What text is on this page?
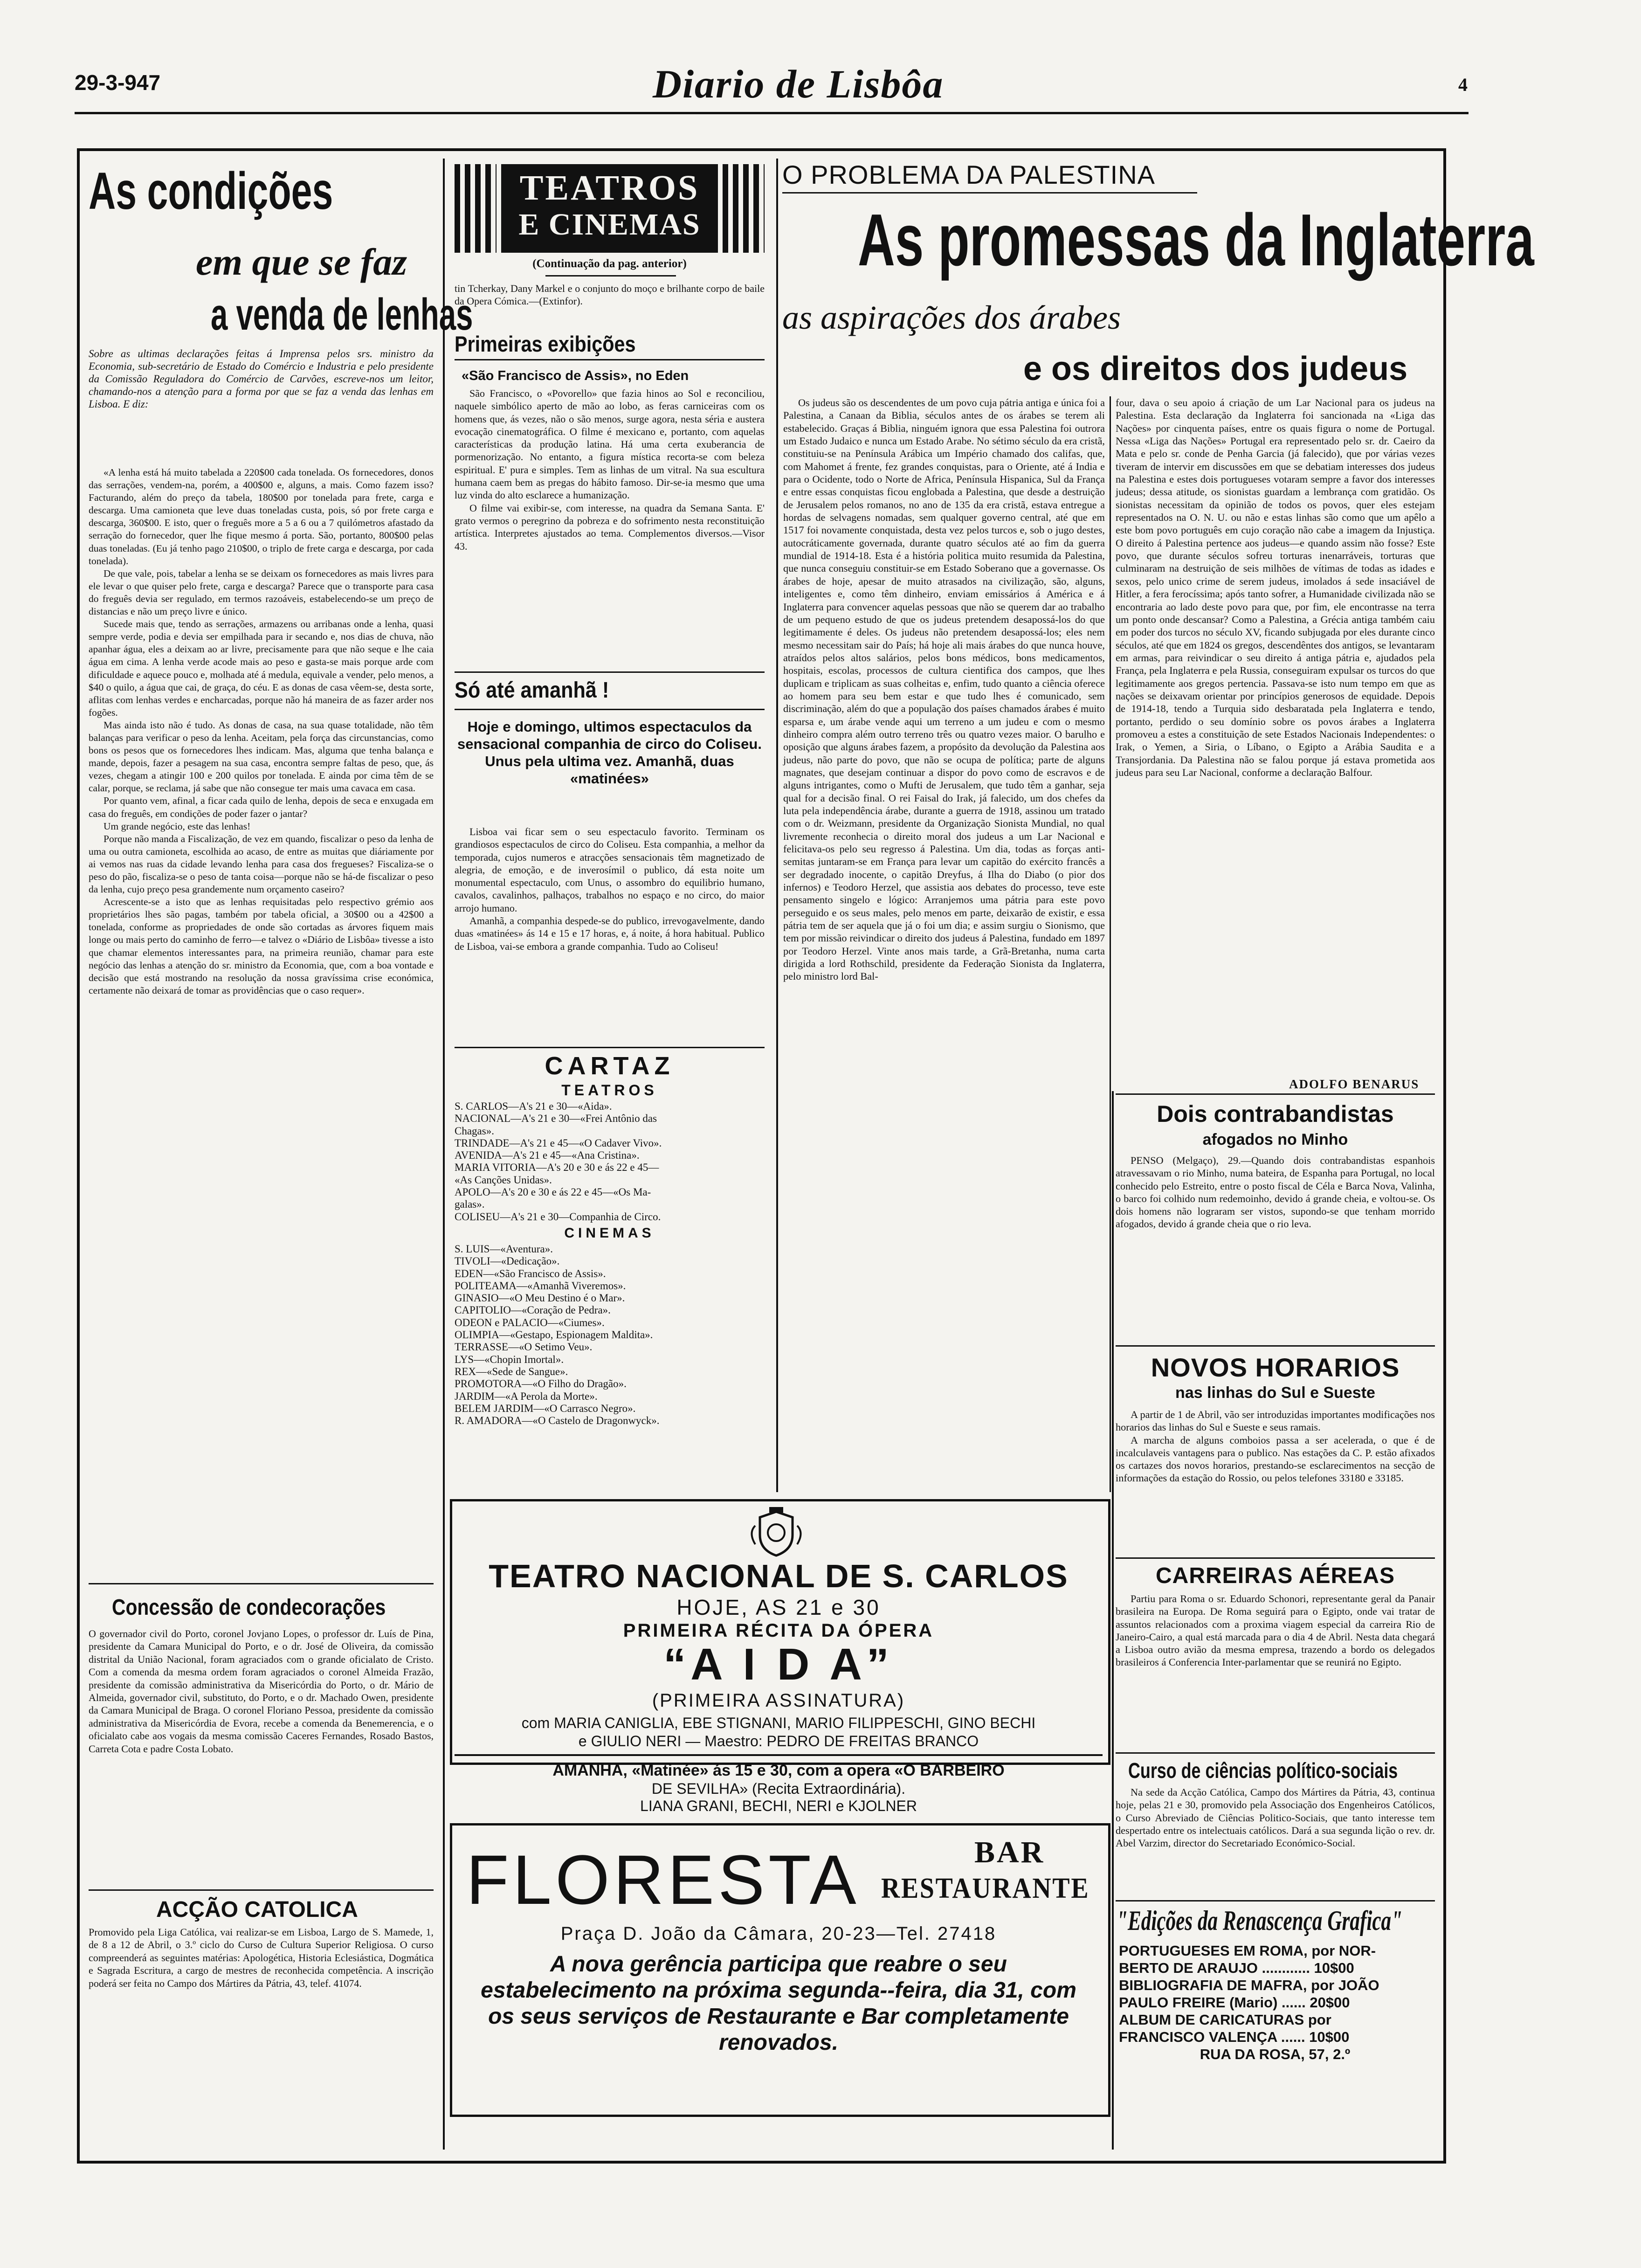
29-3-947	Diario de Lisbôa	4
As condições
em que se faz
a venda de lenhas
Sobre as ultimas declarações feitas á Imprensa pelos srs. ministro da Economia, sub-secretário de Estado do Comércio e Industria e pelo presidente da Comissão Reguladora do Comércio de Carvões, escreve-nos um leitor, chamando-nos a atenção para a forma por que se faz a venda das lenhas em Lisboa. E diz:

«A lenha está há muito tabelada a 220$00 cada tonelada. Os fornecedores, donos das serrações, vendem-na, porém, a 400$00 e, alguns, a mais. Como fazem isso? Facturando, além do preço da tabela, 180$00 por tonelada para frete, carga e descarga. Uma camioneta que leve duas toneladas custa, pois, só por frete carga e descarga, 360$00. E isto, quer o freguês more a 5 a 6 ou a 7 quilómetros afastado da serração do fornecedor, quer lhe fique mesmo á porta. São, portanto, 800$00 pelas duas toneladas. (Eu já tenho pago 210$00, o triplo de frete carga e descarga, por cada tonelada).

De que vale, pois, tabelar a lenha se se deixam os fornecedores as mais livres para ele levar o que quiser pelo frete, carga e descarga? Parece que o transporte para casa do freguês devia ser regulado, em termos razoáveis, estabelecendo-se um preço de distancias e não um preço livre e único.

Sucede mais que, tendo as serrações, armazens ou arribanas onde a lenha, quasi sempre verde, podia e devia ser empilhada para ir secando e, nos dias de chuva, não apanhar água, eles a deixam ao ar livre, precisamente para que não seque e lhe caia água em cima. A lenha verde acode mais ao peso e gasta-se mais porque arde com dificuldade e aquece pouco e, molhada até á medula, equivale a vender, pelo menos, a $40 o quilo, a água que cai, de graça, do céu. E as donas de casa vêem-se, desta sorte, aflitas com lenhas verdes e encharcadas, porque não há maneira de as fazer arder nos fogões.

Mas ainda isto não é tudo. As donas de casa, na sua quase totalidade, não têm balanças para verificar o peso da lenha. Aceitam, pela força das circunstancias, como bons os pesos que os fornecedores lhes indicam. Mas, alguma que tenha balança e mande, depois, fazer a pesagem na sua casa, encontra sempre faltas de peso, que, ás vezes, chegam a atingir 100 e 200 quilos por tonelada. E ainda por cima têm de se calar, porque, se reclama, já sabe que não consegue ter mais uma cavaca em casa.

Por quanto vem, afinal, a ficar cada quilo de lenha, depois de seca e enxugada em casa do freguês, em condições de poder fazer o jantar?

Um grande negócio, este das lenhas!

Porque não manda a Fiscalização, de vez em quando, fiscalizar o peso da lenha de uma ou outra camioneta, escolhida ao acaso, de entre as muitas que diáriamente por ai vemos nas ruas da cidade levando lenha para casa dos fregueses? Fiscaliza-se o peso do pão, fiscaliza-se o peso de tanta coisa—porque não se há-de fiscalizar o peso da lenha, cujo preço pesa grandemente num orçamento caseiro?

Acrescente-se a isto que as lenhas requisitadas pelo respectivo grémio aos proprietários lhes são pagas, também por tabela oficial, a 30$00 ou a 42$00 a tonelada, conforme as propriedades de onde são cortadas as árvores fiquem mais longe ou mais perto do caminho de ferro—e talvez o «Diário de Lisbôa» tivesse a isto que chamar elementos interessantes para, na primeira reunião, chamar para este negócio das lenhas a atenção do sr. ministro da Economia, que, com a boa vontade e decisão que está mostrando na resolução da nossa gravíssima crise económica, certamente não deixará de tomar as providências que o caso requer».

Concessão de condecorações
O governador civil do Porto, coronel Jovjano Lopes, o professor dr. Luís de Pina, presidente da Camara Municipal do Porto, e o dr. José de Oliveira, da comissão distrital da União Nacional, foram agraciados com o grande oficialato de Cristo. Com a comenda da mesma ordem foram agraciados o coronel Almeida Frazão, presidente da comissão administrativa da Misericórdia do Porto, o dr. Mário de Almeida, governador civil, substituto, do Porto, e o dr. Machado Owen, presidente da Camara Municipal de Braga. O coronel Floriano Pessoa, presidente da comissão administrativa da Misericórdia de Evora, recebe a comenda da Benemerencia, e o oficialato cabe aos vogais da mesma comissão Caceres Fernandes, Rosado Bastos, Carreta Cota e padre Costa Lobato.
ACÇÃO CATOLICA
Promovido pela Liga Católica, vai realizar-se em Lisboa, Largo de S. Mamede, 1, de 8 a 12 de Abril, o 3.º ciclo do Curso de Cultura Superior Religiosa. O curso compreenderá as seguintes matérias: Apologética, Historia Eclesiástica, Dogmática e Sagrada Escritura, a cargo de mestres de reconhecida competência. A inscrição poderá ser feita no Campo dos Mártires da Pátria, 43, telef. 41074.
TEATROS
E CINEMAS
(Continuação da pag. anterior)
tin Tcherkay, Dany Markel e o conjunto do moço e brilhante corpo de baile da Opera Cómica.—(Extinfor).
Primeiras exibições
«São Francisco de Assis», no Eden

São Francisco, o «Povorello» que fazia hinos ao Sol e reconciliou, naquele simbólico aperto de mão ao lobo, as feras carniceiras com os homens que, ás vezes, não o são menos, surge agora, nesta séria e austera evocação cinematográfica. O filme é mexicano e, portanto, com aquelas características da produção latina. Há uma certa exuberancia de pormenorização. No entanto, a figura mística recorta-se com beleza espiritual. E' pura e simples. Tem as linhas de um vitral. Na sua escultura humana caem bem as pregas do hábito famoso. Dir-se-ia mesmo que uma luz vinda do alto esclarece a humanização.

O filme vai exibir-se, com interesse, na quadra da Semana Santa. E' grato vermos o peregrino da pobreza e do sofrimento nesta reconstituição artística. Interpretes ajustados ao tema. Complementos diversos.—Visor 43.

Só até amanhã !
Hoje e domingo, ultimos espectaculos da sensacional companhia de circo do Coliseu. Unus pela ultima vez. Amanhã, duas «matinées»

Lisboa vai ficar sem o seu espectaculo favorito. Terminam os grandiosos espectaculos de circo do Coliseu. Esta companhia, a melhor da temporada, cujos numeros e atracções sensacionais têm magnetizado de alegria, de emoção, e de inverosímil o publico, dá esta noite um monumental espectaculo, com Unus, o assombro do equilibrio humano, cavalos, cavalinhos, palhaços, trabalhos no espaço e no circo, do maior arrojo humano.

Amanhã, a companhia despede-se do publico, irrevogavelmente, dando duas «matinées» ás 14 e 15 e 17 horas, e, á noite, á hora habitual. Publico de Lisboa, vai-se embora a grande companhia. Tudo ao Coliseu!

CARTAZ
TEATROS
S. CARLOS—A's 21 e 30—«Aida».
NACIONAL—A's 21 e 30—«Frei Antônio das
Chagas».
TRINDADE—A's 21 e 45—«O Cadaver Vivo».
AVENIDA—A's 21 e 45—«Ana Cristina».
MARIA VITORIA—A's 20 e 30 e ás 22 e 45—
«As Canções Unidas».
APOLO—A's 20 e 30 e ás 22 e 45—«Os Ma-
galas».
COLISEU—A's 21 e 30—Companhia de Circo.
CINEMAS
S. LUIS—«Aventura».
TIVOLI—«Dedicação».
EDEN—«São Francisco de Assis».
POLITEAMA—«Amanhã Viveremos».
GINASIO—«O Meu Destino é o Mar».
CAPITOLIO—«Coração de Pedra».
ODEON e PALACIO—«Ciumes».
OLIMPIA—«Gestapo, Espionagem Maldita».
TERRASSE—«O Setimo Veu».
LYS—«Chopin Imortal».
REX—«Sede de Sangue».
PROMOTORA—«O Filho do Dragão».
JARDIM—«A Perola da Morte».
BELEM JARDIM—«O Carrasco Negro».
R. AMADORA—«O Castelo de Dragonwyck».
O PROBLEMA DA PALESTINA
As promessas da Inglaterra
as aspirações dos árabes
e os direitos dos judeus
Os judeus são os descendentes de um povo cuja pátria antiga e única foi a Palestina, a Canaan da Biblia, séculos antes de os árabes se terem ali estabelecido. Graças á Biblia, ninguém ignora que essa Palestina foi outrora um Estado Judaico e nunca um Estado Arabe. No sétimo século da era cristã, constituiu-se na Península Arábica um Império chamado dos califas, que, com Mahomet á frente, fez grandes conquistas, para o Oriente, até á India e para o Ocidente, todo o Norte de Africa, Península Hispanica, Sul da França e entre essas conquistas ficou englobada a Palestina, que desde a destruição de Jerusalem pelos romanos, no ano de 135 da era cristã, estava entregue a hordas de selvagens nomadas, sem qualquer governo central, até que em 1517 foi novamente conquistada, desta vez pelos turcos e, sob o jugo destes, autocráticamente governada, durante quatro séculos até ao fim da guerra mundial de 1914-18. Esta é a história politica muito resumida da Palestina, que nunca conseguiu constituir-se em Estado Soberano que a governasse. Os árabes de hoje, apesar de muito atrasados na civilização, são, alguns, inteligentes e, como têm dinheiro, enviam emissários á América e á Inglaterra para convencer aquelas pessoas que não se querem dar ao trabalho de um pequeno estudo de que os judeus pretendem desapossá-los do que legitimamente é deles. Os judeus não pretendem desapossá-los; eles nem mesmo necessitam sair do País; há hoje ali mais árabes do que nunca houve, atraídos pelos altos salários, pelos bons médicos, bons medicamentos, hospitais, escolas, processos de cultura cientifica dos campos, que lhes duplicam e triplicam as suas colheitas e, enfim, tudo quanto a ciência oferece ao homem para seu bem estar e que tudo lhes é comunicado, sem discriminação, além do que a população dos países chamados árabes é muito esparsa e, um árabe vende aqui um terreno a um judeu e com o mesmo dinheiro compra além outro terreno três ou quatro vezes maior. O barulho e oposição que alguns árabes fazem, a propósito da devolução da Palestina aos judeus, não parte do povo, que não se ocupa de política; parte de alguns magnates, que desejam continuar a dispor do povo como de escravos e de alguns intrigantes, como o Mufti de Jerusalem, que tudo têm a ganhar, seja qual for a decisão final. O rei Faisal do Irak, já falecido, um dos chefes da luta pela independência árabe, durante a guerra de 1918, assinou um tratado com o dr. Weizmann, presidente da Organização Sionista Mundial, no qual livremente reconhecia o direito moral dos judeus a um Lar Nacional e felicitava-os pelo seu regresso á Palestina. Um dia, todas as forças anti-semitas juntaram-se em França para levar um capitão do exército francês a ser degradado inocente, o capitão Dreyfus, á Ilha do Diabo (o pior dos infernos) e Teodoro Herzel, que assistia aos debates do processo, teve este pensamento singelo e lógico: Arranjemos uma pátria para este povo perseguido e os seus males, pelo menos em parte, deixarão de existir, e essa pátria tem de ser aquela que já o foi um dia; e assim surgiu o Sionismo, que tem por missão reivindicar o direito dos judeus á Palestina, fundado em 1897 por Teodoro Herzel. Vinte anos mais tarde, a Grã-Bretanha, numa carta dirigida a lord Rothschild, presidente da Federação Sionista da Inglaterra, pelo ministro lord Bal-
four, dava o seu apoio á criação de um Lar Nacional para os judeus na Palestina. Esta declaração da Inglaterra foi sancionada na «Liga das Nações» por cinquenta países, entre os quais figura o nome de Portugal. Nessa «Liga das Nações» Portugal era representado pelo sr. dr. Caeiro da Mata e pelo sr. conde de Penha Garcia (já falecido), que por várias vezes tiveram de intervir em discussões em que se debatiam interesses dos judeus na Palestina e estes dois portugueses votaram sempre a favor dos interesses judeus; dessa atitude, os sionistas guardam a lembrança com gratidão. Os sionistas necessitam da opinião de todos os povos, quer eles estejam representados na O. N. U. ou não e estas linhas são como que um apêlo a este bom povo português em cujo coração não cabe a imagem da Injustiça. O direito á Palestina pertence aos judeus—e quando assim não fosse? Este povo, que durante séculos sofreu torturas inenarráveis, torturas que culminaram na destruição de seis milhões de vítimas de todas as idades e sexos, pelo unico crime de serem judeus, imolados á sede insaciável de Hitler, a fera ferocíssima; após tanto sofrer, a Humanidade civilizada não se encontraria ao lado deste povo para que, por fim, ele encontrasse na terra um ponto onde descansar? Como a Palestina, a Grécia antiga também caiu em poder dos turcos no século XV, ficando subjugada por eles durante cinco séculos, até que em 1824 os gregos, descendêntes dos antigos, se levantaram em armas, para reivindicar o seu direito á antiga pátria e, ajudados pela França, pela Inglaterra e pela Russia, conseguiram expulsar os turcos do que legitimamente aos gregos pertencia. Passava-se isto num tempo em que as nações se deixavam orientar por princípios generosos de equidade. Depois de 1914-18, tendo a Turquia sido desbaratada pela Inglaterra e tendo, portanto, perdido o seu domínio sobre os povos árabes a Inglaterra promoveu a estes a constituição de sete Estados Nacionais Independentes: o Irak, o Yemen, a Siria, o Líbano, o Egipto a Arábia Saudita e a Transjordania. Da Palestina não se falou porque já estava prometida aos judeus para seu Lar Nacional, conforme a declaração Balfour.
ADOLFO BENARUS
Dois contrabandistas
afogados no Minho
PENSO (Melgaço), 29.—Quando dois contrabandistas espanhois atravessavam o rio Minho, numa bateira, de Espanha para Portugal, no local conhecido pelo Estreito, entre o posto fiscal de Céla e Barca Nova, Valinha, o barco foi colhido num redemoinho, devido á grande cheia, e voltou-se. Os dois homens não lograram ser vistos, supondo-se que tenham morrido afogados, devido á grande cheia que o rio leva.
NOVOS HORARIOS
nas linhas do Sul e Sueste

A partir de 1 de Abril, vão ser introduzidas importantes modificações nos horarios das linhas do Sul e Sueste e seus ramais.

A marcha de alguns comboios passa a ser acelerada, o que é de incalculaveis vantagens para o publico. Nas estações da C. P. estão afixados os cartazes dos novos horarios, prestando-se esclarecimentos na secção de informações da estação do Rossio, ou pelos telefones 33180 e 33185.

CARREIRAS AÉREAS
Partiu para Roma o sr. Eduardo Schonori, representante geral da Panair brasileira na Europa. De Roma seguirá para o Egipto, onde vai tratar de assuntos relacionados com a proxima viagem especial da carreira Rio de Janeiro-Cairo, a qual está marcada para o dia 4 de Abril. Nesta data chegará a Lisboa outro avião da mesma empresa, trazendo a bordo os delegados brasileiros á Conferencia Inter-parlamentar que se reunirá no Egipto.
Curso de ciências político-sociais
Na sede da Acção Católica, Campo dos Mártires da Pátria, 43, continua hoje, pelas 21 e 30, promovido pela Associação dos Engenheiros Católicos, o Curso Abreviado de Ciências Politico-Sociais, que tanto interesse tem despertado entre os intelectuais católicos. Dará a sua segunda lição o rev. dr. Abel Varzim, director do Secretariado Económico-Social.
"Edições da Renascença Grafica"
PORTUGUESES EM ROMA, por NOR-
BERTO DE ARAUJO ............ 10$00
BIBLIOGRAFIA DE MAFRA, por JOÃO
PAULO FREIRE (Mario) ...... 20$00
ALBUM DE CARICATURAS por
FRANCISCO VALENÇA ...... 10$00
RUA DA ROSA, 57, 2.º
TEATRO NACIONAL DE S. CARLOS
HOJE, AS 21 e 30
PRIMEIRA RÉCITA DA ÓPERA
“A I D A”
(PRIMEIRA ASSINATURA)
com MARIA CANIGLIA, EBE STIGNANI, MARIO FILIPPESCHI, GINO BECHI
e GIULIO NERI — Maestro: PEDRO DE FREITAS BRANCO
AMANHA, «Matinée» ás 15 e 30, com a opera «O BARBEIRO
DE SEVILHA» (Recita Extraordinária).
LIANA GRANI, BECHI, NERI e KJOLNER
FLORESTA	BAR
RESTAURANTE
Praça D. João da Câmara, 20-23—Tel. 27418
A nova gerência participa que reabre o seu estabelecimento na próxima segunda--feira, dia 31, com os seus serviços de Restaurante e Bar completamente renovados.
